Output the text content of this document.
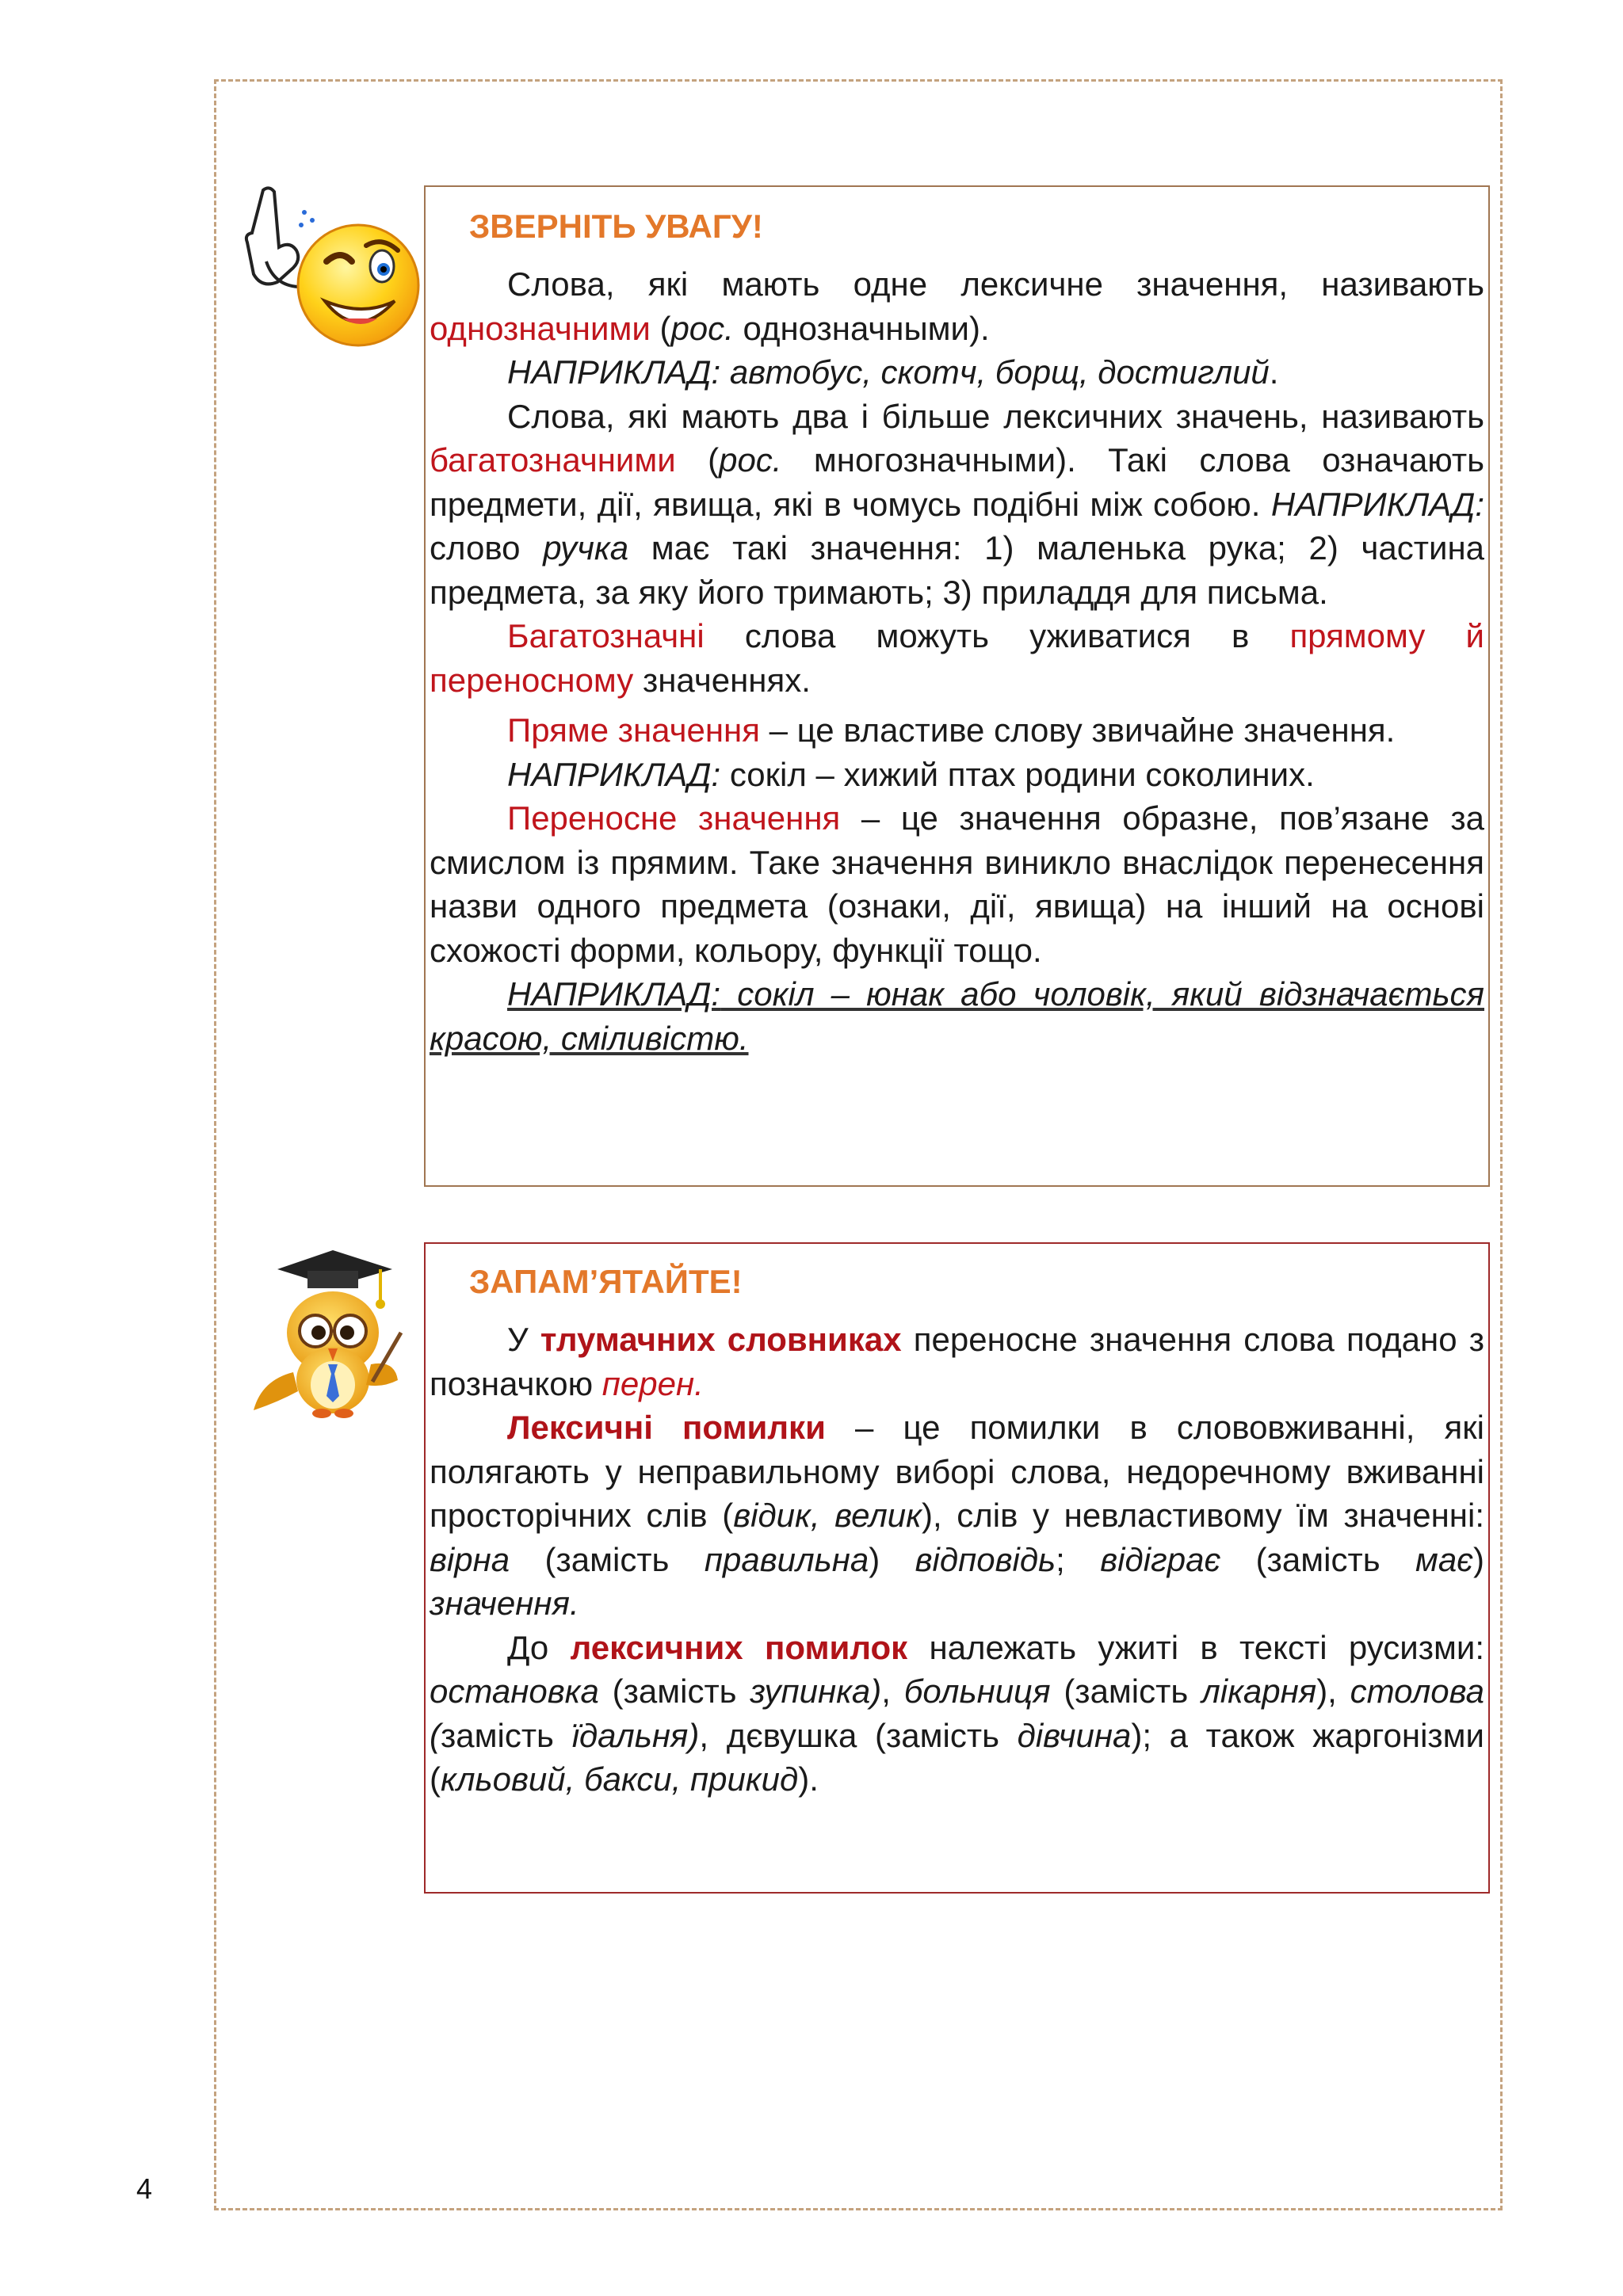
ЗВЕРНІТЬ УВАГУ!

Слова, які мають одне лексичне значення, називають однозначними (рос. однозначными).

НАПРИКЛАД: автобус, скотч, борщ, достиглий.

Слова, які мають два і більше лексичних значень, називають багатозначними (рос. многозначными). Такі слова означають предмети, дії, явища, які в чомусь подібні між собою. НАПРИКЛАД: слово ручка має такі значення: 1) маленька рука; 2) частина предмета, за яку його тримають; 3) приладдя для письма.

Багатозначні слова можуть уживатися в прямому й переносному значеннях.

Пряме значення – це властиве слову звичайне значення.

НАПРИКЛАД: сокіл – хижий птах родини соколиних.

Переносне значення – це значення образне, пов’язане за смислом із прямим. Таке значення виникло внаслідок перенесення назви одного предмета (ознаки, дії, явища) на інший на основі схожості форми, кольору, функції тощо.

НАПРИКЛАД: сокіл – юнак або чоловік, який відзначається красою, сміливістю.

ЗАПАМ’ЯТАЙТЕ!

У тлумачних словниках переносне значення слова подано з позначкою перен.

Лексичні помилки – це помилки в слововживанні, які полягають у неправильному виборі слова, недоречному вживанні просторічних слів (відик, велик), слів у невластивому їм значенні: вірна (замість правильна) відповідь; відіграє (замість має) значення.

До лексичних помилок належать ужиті в тексті русизми: остановка (замість зупинка), больниця (замість лікарня), столова (замість їдальня), дєвушка (замість дівчина); а також жаргонізми (кльовий, бакси, прикид).

4
